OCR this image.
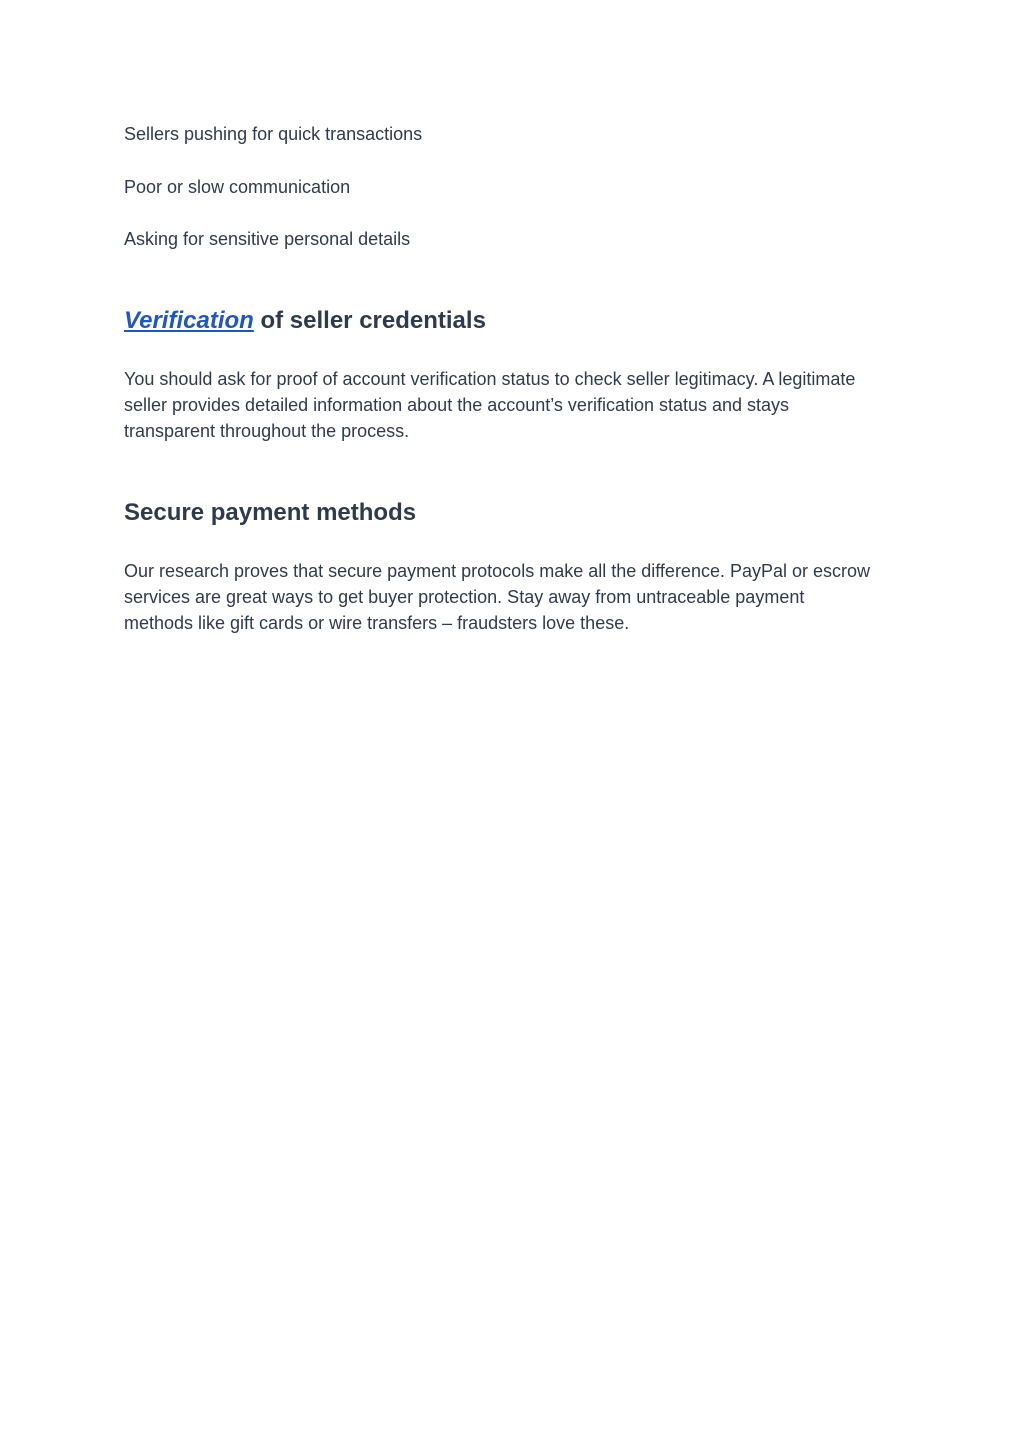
Sellers pushing for quick transactions
Poor or slow communication
Asking for sensitive personal details
Verification of seller credentials

You should ask for proof of account verification status to check seller legitimacy. A legitimate seller provides detailed information about the account’s verification status and stays transparent throughout the process.

Secure payment methods

Our research proves that secure payment protocols make all the difference. PayPal or escrow services are great ways to get buyer protection. Stay away from untraceable payment methods like gift cards or wire transfers – fraudsters love these.
